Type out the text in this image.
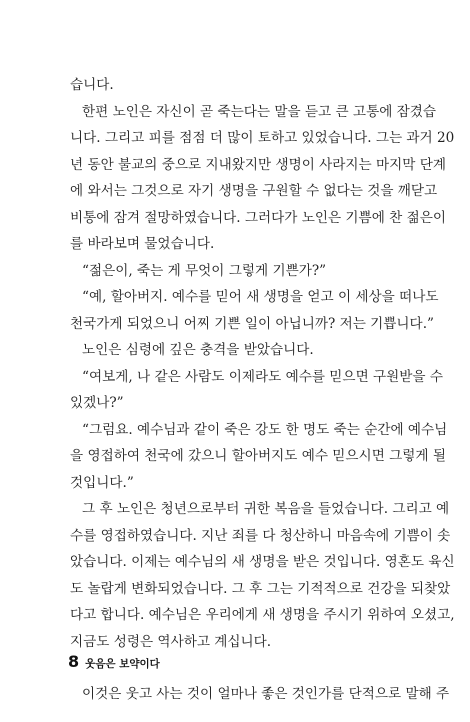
습니다.
한편 노인은 자신이 곧 죽는다는 말을 듣고 큰 고통에 잠겼습
니다. 그리고 피를 점점 더 많이 토하고 있었습니다. 그는 과거 20
년 동안 불교의 중으로 지내왔지만 생명이 사라지는 마지막 단계
에 와서는 그것으로 자기 생명을 구원할 수 없다는 것을 깨닫고
비통에 잠겨 절망하였습니다. 그러다가 노인은 기쁨에 찬 젊은이
를 바라보며 물었습니다.
“젊은이, 죽는 게 무엇이 그렇게 기쁜가?”
“예, 할아버지. 예수를 믿어 새 생명을 얻고 이 세상을 떠나도
천국가게 되었으니 어찌 기쁜 일이 아닙니까? 저는 기쁩니다.”
노인은 심령에 깊은 충격을 받았습니다.
“여보게, 나 같은 사람도 이제라도 예수를 믿으면 구원받을 수
있겠나?”
“그럼요. 예수님과 같이 죽은 강도 한 명도 죽는 순간에 예수님
을 영접하여 천국에 갔으니 할아버지도 예수 믿으시면 그렇게 될
것입니다.”
그 후 노인은 청년으로부터 귀한 복음을 들었습니다. 그리고 예
수를 영접하였습니다. 지난 죄를 다 청산하니 마음속에 기쁨이 솟
았습니다. 이제는 예수님의 새 생명을 받은 것입니다. 영혼도 육신
도 놀랍게 변화되었습니다. 그 후 그는 기적적으로 건강을 되찾았
다고 합니다. 예수님은 우리에게 새 생명을 주시기 위하여 오셨고,
지금도 성령은 역사하고 계십니다.
이것은 웃고 사는 것이 얼마나 좋은 것인가를 단적으로 말해 주
8 웃음은 보약이다
